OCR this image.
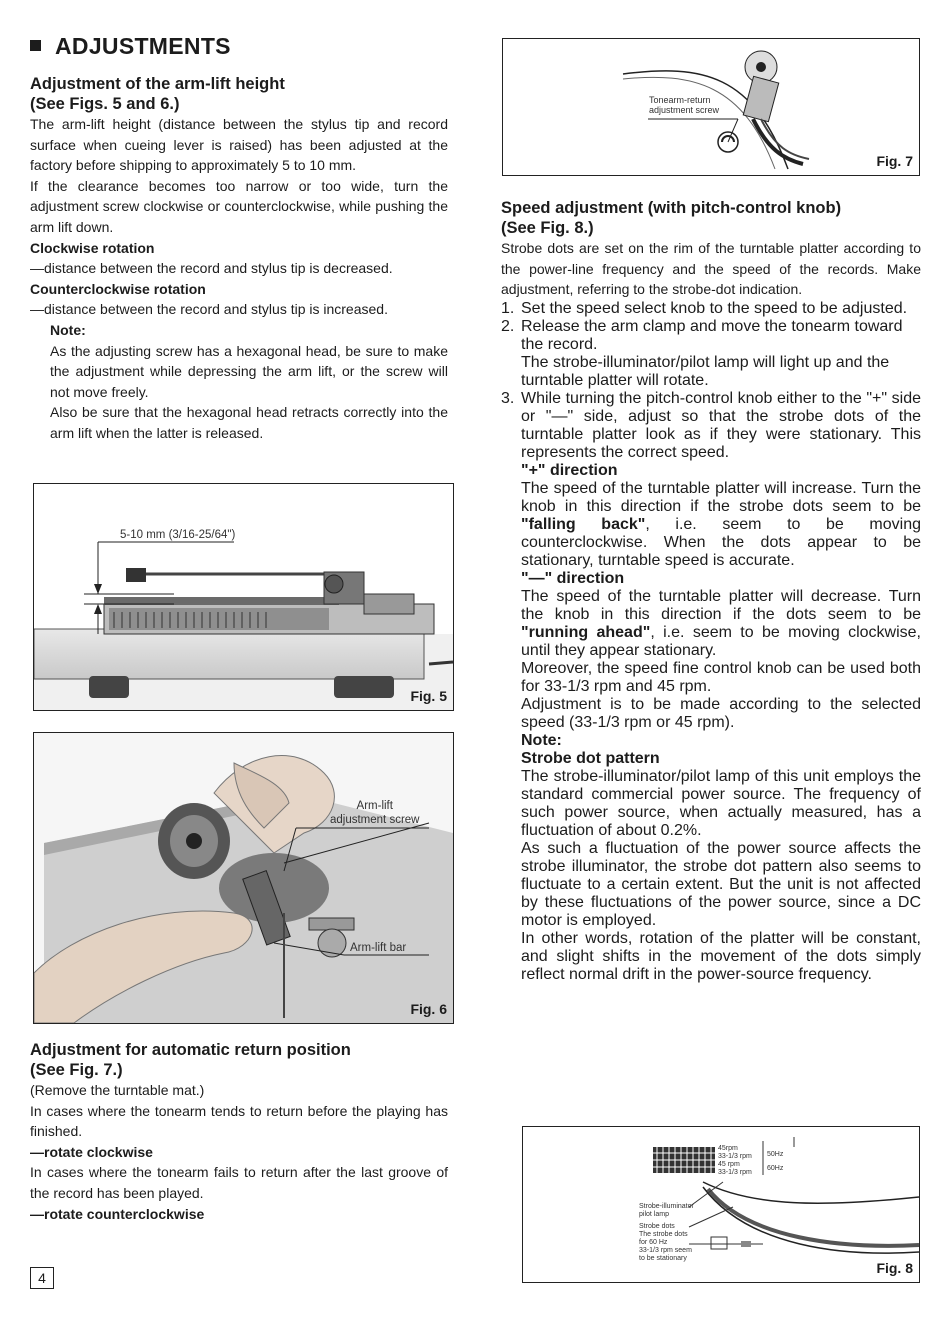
ADJUSTMENTS
Adjustment of the arm-lift height
(See Figs. 5 and 6.)

The arm-lift height (distance between the stylus tip and record surface when cueing lever is raised) has been adjusted at the factory before shipping to approximately 5 to 10 mm.

If the clearance becomes too narrow or too wide, turn the adjustment screw clockwise or counterclockwise, while pushing the arm lift down.

Clockwise rotation

—distance between the record and stylus tip is decreased.

Counterclockwise rotation

—distance between the record and stylus tip is increased.

Note:

As the adjusting screw has a hexagonal head, be sure to make the adjustment while depressing the arm lift, or the screw will not move freely.

Also be sure that the hexagonal head retracts correctly into the arm lift when the latter is released.

5-10 mm (3/16-25/64")
Fig. 5
Arm-lift
adjustment screw
Arm-lift bar
Fig. 6
Adjustment for automatic return position
(See Fig. 7.)

(Remove the turntable mat.)

In cases where the tonearm tends to return before the playing has finished.

—rotate clockwise

In cases where the tonearm fails to return after the last groove of the record has been played.

—rotate counterclockwise

4
Tonearm-return
adjustment screw
Fig. 7
Speed adjustment (with pitch-control knob)
(See Fig. 8.)

Strobe dots are set on the rim of the turntable platter according to the power-line frequency and the speed of the records. Make adjustment, referring to the strobe-dot indication.

1. Set the speed select knob to the speed to be adjusted.
2. Release the arm clamp and move the tonearm toward the record.
The strobe-illuminator/pilot lamp will light up and the turntable platter will rotate.
3. While turning the pitch-control knob either to the "+" side or "—" side, adjust so that the strobe dots of the turntable platter look as if they were stationary. This represents the correct speed.
"+" direction
The speed of the turntable platter will increase. Turn the knob in this direction if the strobe dots seem to be "falling back", i.e. seem to be moving counterclockwise. When the dots appear to be stationary, turntable speed is accurate.
"—" direction
The speed of the turntable platter will decrease. Turn the knob in this direction if the dots seem to be "running ahead", i.e. seem to be moving clockwise, until they appear stationary.
Moreover, the speed fine control knob can be used both for 33-1/3 rpm and 45 rpm.
Adjustment is to be made according to the selected speed (33-1/3 rpm or 45 rpm).
Note:
Strobe dot pattern
The strobe-illuminator/pilot lamp of this unit employs the standard commercial power source. The frequency of such power source, when actually measured, has a fluctuation of about 0.2%.
As such a fluctuation of the power source affects the strobe illuminator, the strobe dot pattern also seems to fluctuate to a certain extent. But the unit is not affected by these fluctuations of the power source, since a DC motor is employed.
In other words, rotation of the platter will be constant, and slight shifts in the movement of the dots simply reflect normal drift in the power-source frequency.
45rpm
33-1/3 rpm
45 rpm
33-1/3 rpm
50Hz
60Hz
Strobe-illuminator
pilot lamp
Strobe dots
The strobe dots
for 60 Hz
33-1/3 rpm seem
to be stationary
Fig. 8
